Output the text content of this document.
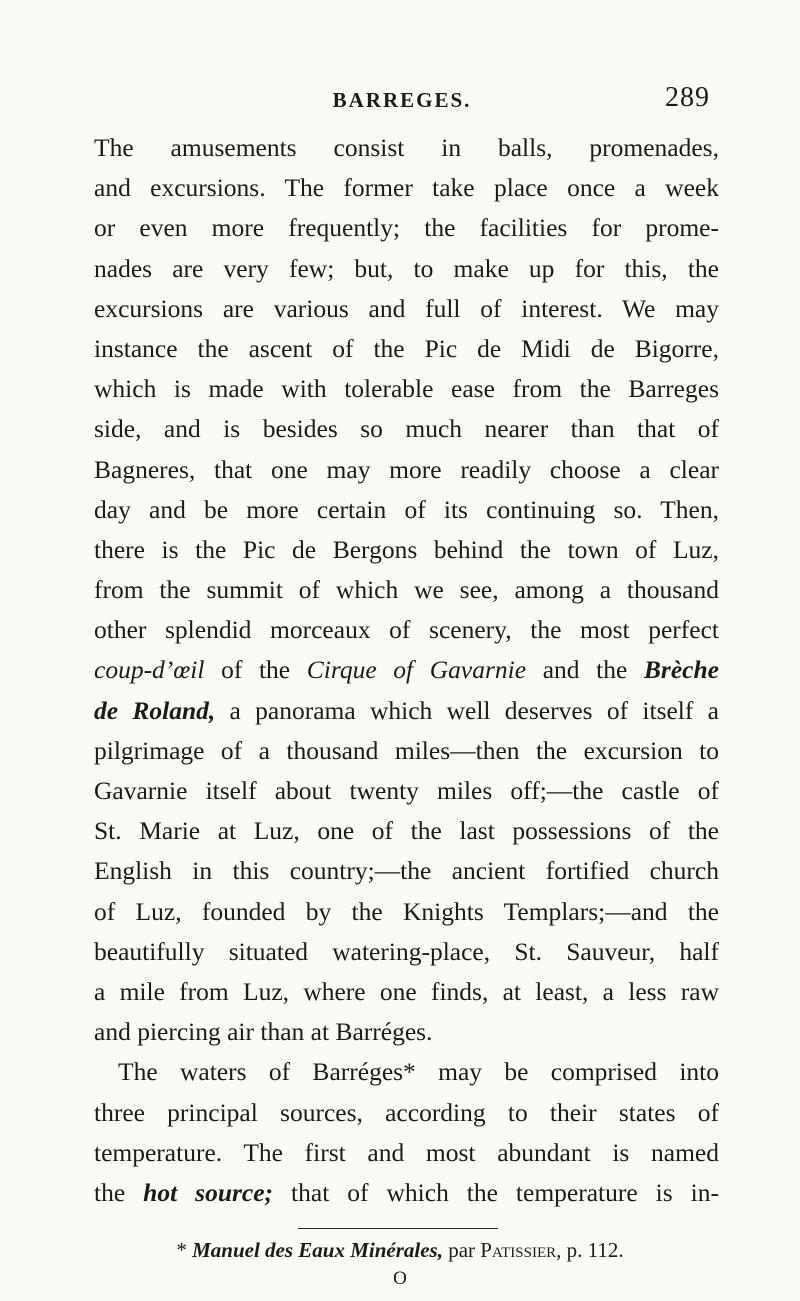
BARREGES.	289
The amusements consist in balls, promenades,
and excursions. The former take place once a week
or even more frequently; the facilities for prome-
nades are very few; but, to make up for this, the
excursions are various and full of interest. We may
instance the ascent of the Pic de Midi de Bigorre,
which is made with tolerable ease from the Barreges
side, and is besides so much nearer than that of
Bagneres, that one may more readily choose a clear
day and be more certain of its continuing so. Then,
there is the Pic de Bergons behind the town of Luz,
from the summit of which we see, among a thousand
other splendid morceaux of scenery, the most perfect
coup-d’œil of the Cirque of Gavarnie and the Brèche
de Roland, a panorama which well deserves of itself a
pilgrimage of a thousand miles—then the excursion to
Gavarnie itself about twenty miles off;—the castle of
St. Marie at Luz, one of the last possessions of the
English in this country;—the ancient fortified church
of Luz, founded by the Knights Templars;—and the
beautifully situated watering-place, St. Sauveur, half
a mile from Luz, where one finds, at least, a less raw
and piercing air than at Barréges.
The waters of Barréges* may be comprised into
three principal sources, according to their states of
temperature. The first and most abundant is named
the hot source; that of which the temperature is in-
* Manuel des Eaux Minérales, par Patissier, p. 112.
O
